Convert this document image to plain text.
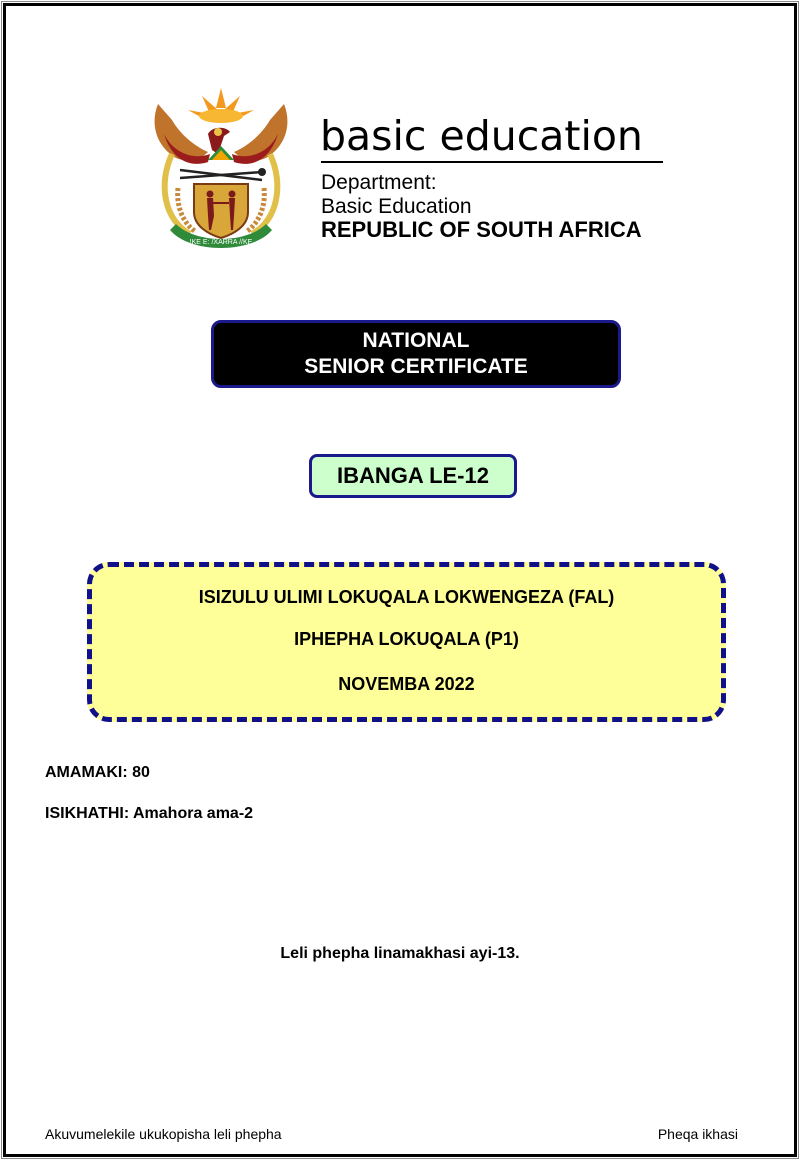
!KE E: /XARRA //KE
basic education
Department:
Basic Education
REPUBLIC OF SOUTH AFRICA
NATIONAL
SENIOR CERTIFICATE
IBANGA LE-12
ISIZULU ULIMI LOKUQALA LOKWENGEZA (FAL)
IPHEPHA LOKUQALA (P1)
NOVEMBA 2022
AMAMAKI: 80
ISIKHATHI: Amahora ama-2
Leli phepha linamakhasi ayi-13.
Akuvumelekile ukukopisha leli phepha	Pheqa ikhasi
